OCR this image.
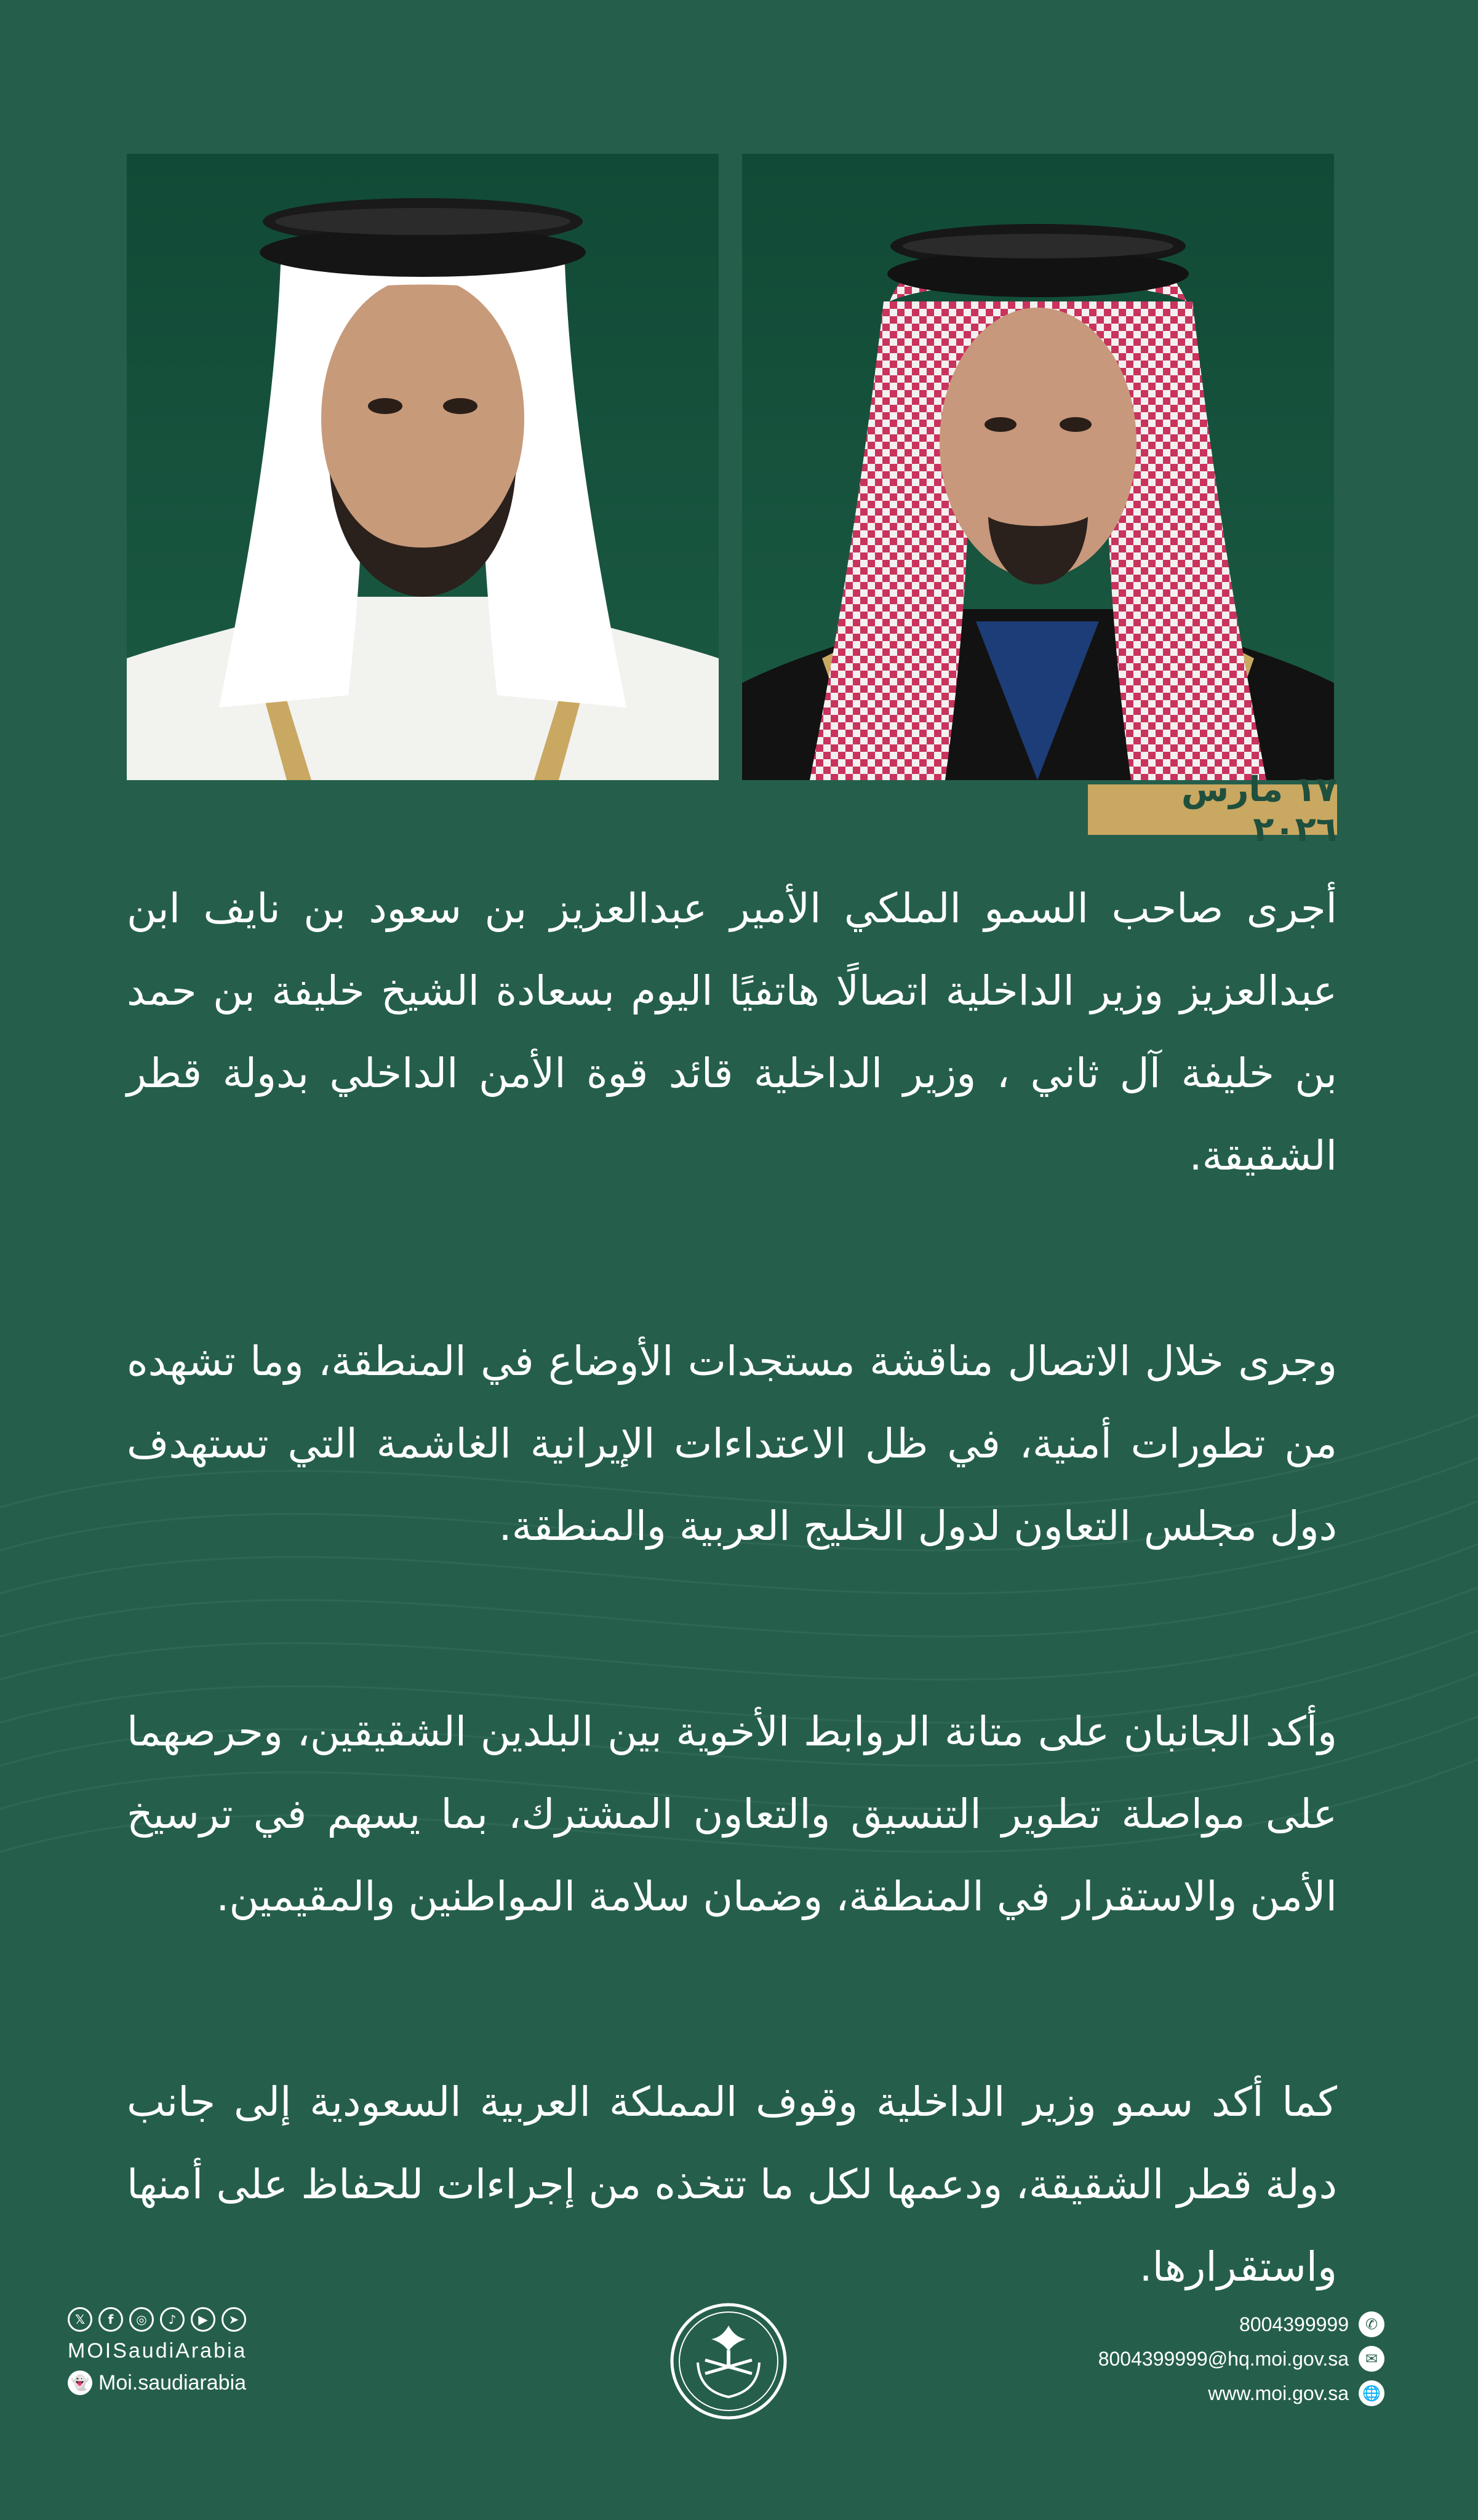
١٧ مارس ٢٠٢٦

أجرى صاحب السمو الملكي الأمير عبدالعزيز بن سعود بن نايف ابن عبدالعزيز وزير الداخلية اتصالًا هاتفيًا اليوم بسعادة الشيخ خليفة بن حمد بن خليفة آل ثاني ، وزير الداخلية قائد قوة الأمن الداخلي بدولة قطر الشقيقة.

وجرى خلال الاتصال مناقشة مستجدات الأوضاع في المنطقة، وما تشهده من تطورات أمنية، في ظل الاعتداءات الإيرانية الغاشمة التي تستهدف دول مجلس التعاون لدول الخليج العربية والمنطقة.

وأكد الجانبان على متانة الروابط الأخوية بين البلدين الشقيقين، وحرصهما على مواصلة تطوير التنسيق والتعاون المشترك، بما يسهم في ترسيخ الأمن والاستقرار في المنطقة، وضمان سلامة المواطنين والمقيمين.

كما أكد سمو وزير الداخلية وقوف المملكة العربية السعودية إلى جانب دولة قطر الشقيقة، ودعمها لكل ما تتخذه من إجراءات للحفاظ على أمنها واستقرارها.

𝕏	f	◎	♪	▶	➤
MOISaudiArabia
👻 Moi.saudiarabia
8004399999	✆
8004399999@hq.moi.gov.sa	✉
www.moi.gov.sa 🌐
